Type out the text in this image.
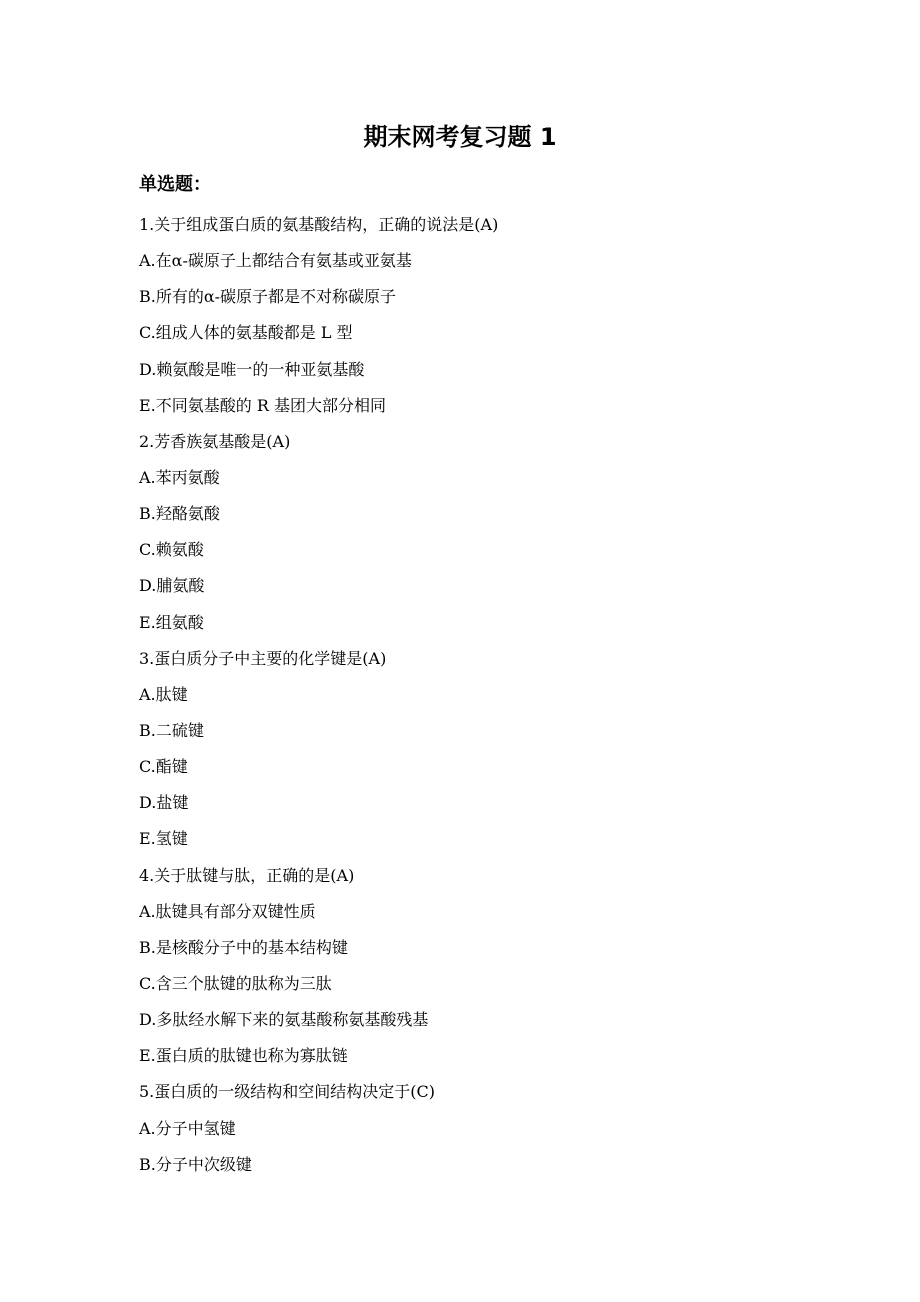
期末网考复习题 1
单选题：
1.关于组成蛋白质的氨基酸结构，正确的说法是(A)
A.在α-碳原子上都结合有氨基或亚氨基
B.所有的α-碳原子都是不对称碳原子
C.组成人体的氨基酸都是 L 型
D.赖氨酸是唯一的一种亚氨基酸
E.不同氨基酸的 R 基团大部分相同
2.芳香族氨基酸是(A)
A.苯丙氨酸
B.羟酪氨酸
C.赖氨酸
D.脯氨酸
E.组氨酸
3.蛋白质分子中主要的化学键是(A)
A.肽键
B.二硫键
C.酯键
D.盐键
E.氢键
4.关于肽键与肽，正确的是(A)
A.肽键具有部分双键性质
B.是核酸分子中的基本结构键
C.含三个肽键的肽称为三肽
D.多肽经水解下来的氨基酸称氨基酸残基
E.蛋白质的肽键也称为寡肽链
5.蛋白质的一级结构和空间结构决定于(C)
A.分子中氢键
B.分子中次级键
